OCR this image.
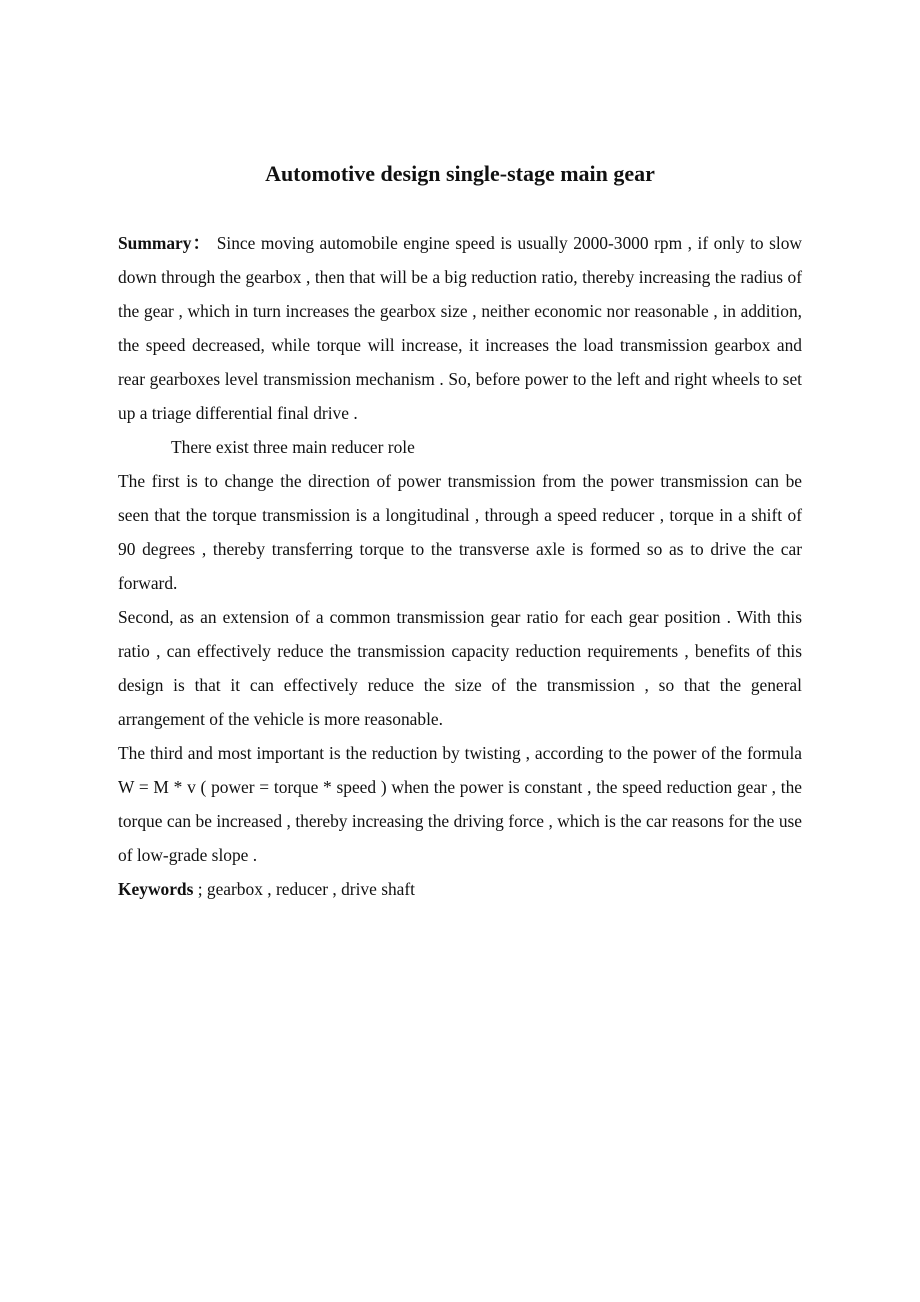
Automotive design single-stage main gear

Summary： Since moving automobile engine speed is usually 2000-3000 rpm , if only to slow down through the gearbox , then that will be a big reduction ratio, thereby increasing the radius of the gear , which in turn increases the gearbox size , neither economic nor reasonable , in addition, the speed decreased, while torque will increase, it increases the load transmission gearbox and rear gearboxes level transmission mechanism . So, before power to the left and right wheels to set up a triage differential final drive .

There exist three main reducer role

The first is to change the direction of power transmission from the power transmission can be seen that the torque transmission is a longitudinal , through a speed reducer , torque in a shift of 90 degrees , thereby transferring torque to the transverse axle is formed so as to drive the car forward.

Second, as an extension of a common transmission gear ratio for each gear position . With this ratio , can effectively reduce the transmission capacity reduction requirements , benefits of this design is that it can effectively reduce the size of the transmission , so that the general arrangement of the vehicle is more reasonable.

The third and most important is the reduction by twisting , according to the power of the formula W = M * v ( power = torque * speed ) when the power is constant , the speed reduction gear , the torque can be increased , thereby increasing the driving force , which is the car reasons for the use of low-grade slope .

Keywords ; gearbox , reducer , drive shaft
